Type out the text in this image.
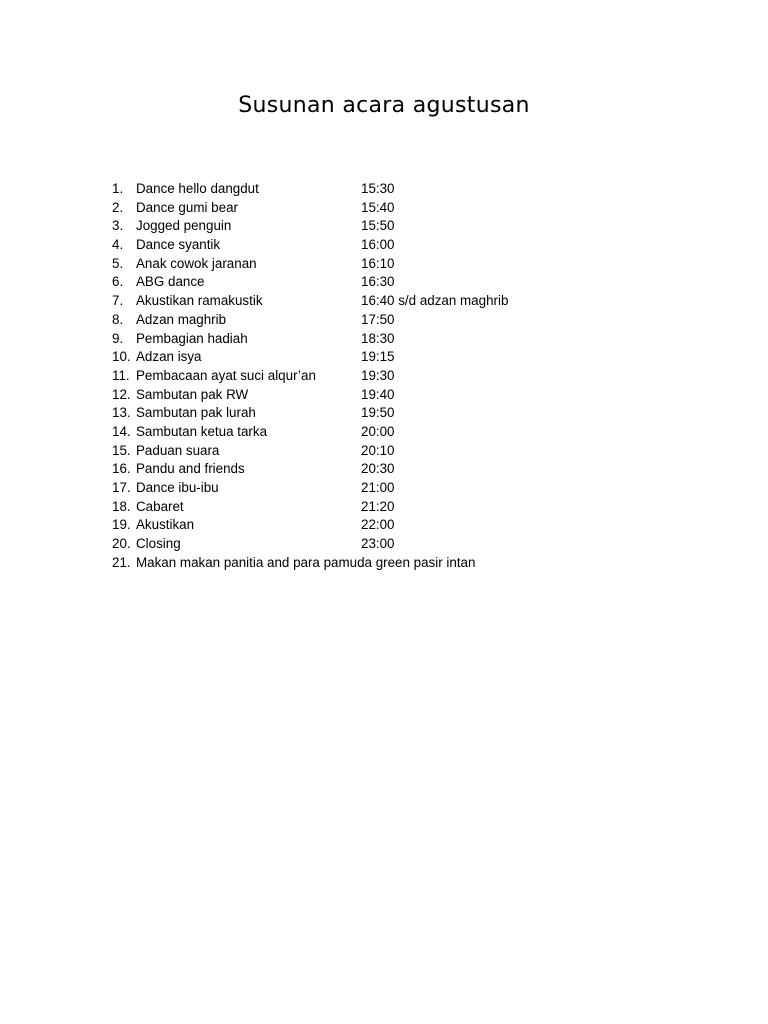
Susunan acara agustusan
1. Dance hello dangdut	15:30
2. Dance gumi bear	15:40
3. Jogged penguin	15:50
4. Dance syantik	16:00
5. Anak cowok jaranan	16:10
6. ABG dance	16:30
7. Akustikan ramakustik	16:40 s/d adzan maghrib
8. Adzan maghrib	17:50
9. Pembagian hadiah	18:30
10. Adzan isya	19:15
11. Pembacaan ayat suci alqur’an	19:30
12. Sambutan pak RW	19:40
13. Sambutan pak lurah	19:50
14. Sambutan ketua tarka	20:00
15. Paduan suara	20:10
16. Pandu and friends	20:30
17. Dance ibu-ibu	21:00
18. Cabaret	21:20
19. Akustikan	22:00
20. Closing	23:00
21. Makan makan panitia and para pamuda green pasir intan
